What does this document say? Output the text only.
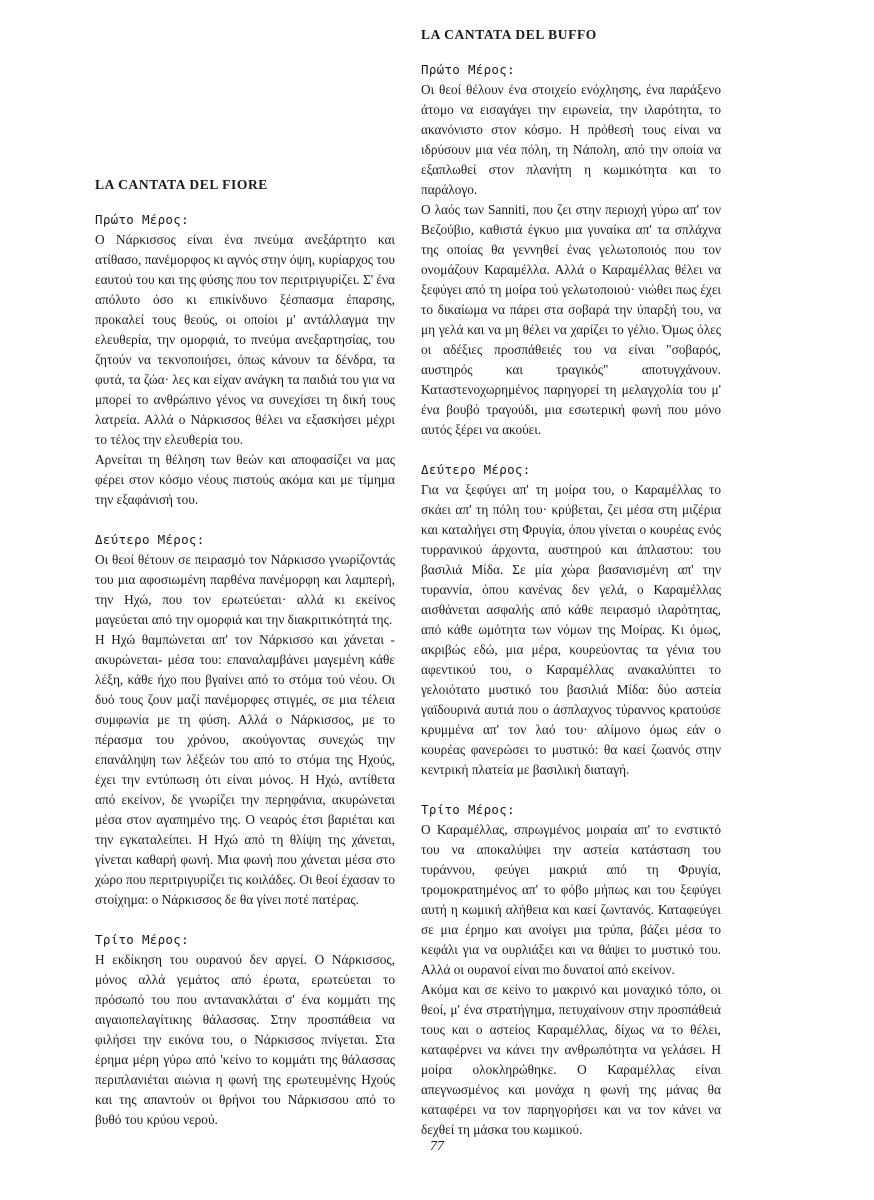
LA CANTATA DEL FIORE

Πρώτο Μέρος:

Ο Νάρκισσος είναι ένα πνεύμα ανεξάρτητο και ατίθασο, πανέμορφος κι αγνός στην όψη, κυρίαρχος του εαυτού του και της φύσης που τον περιτριγυρίζει. Σ' ένα απόλυτο όσο κι επικίνδυνο ξέσπασμα έπαρσης, προκαλεί τους θεούς, οι οποίοι μ' αντάλλαγμα την ελευθερία, την ομορφιά, το πνεύμα ανεξαρτησίας, του ζητούν να τεκνοποιήσει, όπως κάνουν τα δένδρα, τα φυτά, τα ζώα· λες και είχαν ανάγκη τα παιδιά του για να μπορεί το ανθρώπινο γένος να συνεχίσει τη δική τους λατρεία. Αλλά ο Νάρκισσος θέλει να εξασκήσει μέχρι το τέλος την ελευθερία του.

Αρνείται τη θέληση των θεών και αποφασίζει να μας φέρει στον κόσμο νέους πιστούς ακόμα και με τίμημα την εξαφάνισή του.

Δεύτερο Μέρος:

Οι θεοί θέτουν σε πειρασμό τον Νάρκισσο γνωρίζοντάς του μια αφοσιωμένη παρθένα πανέμορφη και λαμπερή, την Ηχώ, που τον ερωτεύεται· αλλά κι εκείνος μαγεύεται από την ομορφιά και την διακριτικότητά της.

Η Ηχώ θαμπώνεται απ' τον Νάρκισσο και χάνεται - ακυρώνεται- μέσα του: επαναλαμβάνει μαγεμένη κάθε λέξη, κάθε ήχο που βγαίνει από το στόμα τού νέου. Οι δυό τους ζουν μαζί πανέμορφες στιγμές, σε μια τέλεια συμφωνία με τη φύση. Αλλά ο Νάρκισσος, με το πέρασμα του χρόνου, ακούγοντας συνεχώς την επανάληψη των λέξεών του από το στόμα της Ηχούς, έχει την εντύπωση ότι είναι μόνος. Η Ηχώ, αντίθετα από εκείνον, δε γνωρίζει την περηφάνια, ακυρώνεται μέσα στον αγαπημένο της. Ο νεαρός έτσι βαριέται και την εγκαταλείπει. Η Ηχώ από τη θλίψη της χάνεται, γίνεται καθαρή φωνή. Μια φωνή που χάνεται μέσα στο χώρο που περιτριγυρίζει τις κοιλάδες. Οι θεοί έχασαν το στοίχημα: ο Νάρκισσος δε θα γίνει ποτέ πατέρας.

Τρίτο Μέρος:

Η εκδίκηση του ουρανού δεν αργεί. Ο Νάρκισσος, μόνος αλλά γεμάτος από έρωτα, ερωτεύεται το πρόσωπό του που αντανακλάται σ' ένα κομμάτι της αιγαιοπελαγίτικης θάλασσας. Στην προσπάθεια να φιλήσει την εικόνα του, ο Νάρκισσος πνίγεται. Στα έρημα μέρη γύρω από 'κείνο το κομμάτι της θάλασσας περιπλανιέται αιώνια η φωνή της ερωτευμένης Ηχούς και της απαντούν οι θρήνοι του Νάρκισσου από το βυθό του κρύου νερού.

LA CANTATA DEL BUFFO

Πρώτο Μέρος:

Οι θεοί θέλουν ένα στοιχείο ενόχλησης, ένα παράξενο άτομο να εισαγάγει την ειρωνεία, την ιλαρότητα, το ακανόνιστο στον κόσμο. Η πρόθεσή τους είναι να ιδρύσουν μια νέα πόλη, τη Νάπολη, από την οποία να εξαπλωθεί στον πλανήτη η κωμικότητα και το παράλογο.

Ο λαός των Sanniti, που ζει στην περιοχή γύρω απ' τον Βεζούβιο, καθιστά έγκυο μια γυναίκα απ' τα σπλάχνα της οποίας θα γεννηθεί ένας γελωτοποιός που τον ονομάζουν Καραμέλλα. Αλλά ο Καραμέλλας θέλει να ξεφύγει από τη μοίρα τού γελωτοποιού· νιώθει πως έχει το δικαίωμα να πάρει στα σοβαρά την ύπαρξή του, να μη γελά και να μη θέλει να χαρίζει το γέλιο. Όμως όλες οι αδέξιες προσπάθειές του να είναι "σοβαρός, αυστηρός και τραγικός" αποτυγχάνουν. Καταστενοχωρημένος παρηγορεί τη μελαγχολία του μ' ένα βουβό τραγούδι, μια εσωτερική φωνή που μόνο αυτός ξέρει να ακούει.

Δεύτερο Μέρος:

Για να ξεφύγει απ' τη μοίρα του, ο Καραμέλλας το σκάει απ' τη πόλη του· κρύβεται, ζει μέσα στη μιζέρια και καταλήγει στη Φρυγία, όπου γίνεται ο κουρέας ενός τυρρανικού άρχοντα, αυστηρού και άπλαστου: του βασιλιά Μίδα. Σε μία χώρα βασανισμένη απ' την τυραννία, όπου κανένας δεν γελά, ο Καραμέλλας αισθάνεται ασφαλής από κάθε πειρασμό ιλαρότητας, από κάθε ωμότητα των νόμων της Μοίρας. Κι όμως, ακριβώς εδώ, μια μέρα, κουρεύοντας τα γένια του αφεντικού του, ο Καραμέλλας ανακαλύπτει το γελοιότατο μυστικό του βασιλιά Μίδα: δύο αστεία γαϊδουρινά αυτιά που ο άσπλαχνος τύραννος κρατούσε κρυμμένα απ' τον λαό του· αλίμονο όμως εάν ο κουρέας φανερώσει το μυστικό: θα καεί ζωανός στην κεντρική πλατεία με βασιλική διαταγή.

Τρίτο Μέρος:

Ο Καραμέλλας, σπρωγμένος μοιραία απ' το ενστικτό του να αποκαλύψει την αστεία κατάσταση του τυράννου, φεύγει μακριά από τη Φρυγία, τρομοκρατημένος απ' το φόβο μήπως και του ξεφύγει αυτή η κωμική αλήθεια και καεί ζωντανός. Καταφεύγει σε μια έρημο και ανοίγει μια τρύπα, βάζει μέσα το κεφάλι για να ουρλιάξει και να θάψει το μυστικό του. Αλλά οι ουρανοί είναι πιο δυνατοί από εκείνον.

Ακόμα και σε κείνο το μακρινό και μοναχικό τόπο, οι θεοί, μ' ένα στρατήγημα, πετυχαίνουν στην προσπάθειά τους και ο αστείος Καραμέλλας, δίχως να το θέλει, καταφέρνει να κάνει την ανθρωπότητα να γελάσει. Η μοίρα ολοκληρώθηκε. Ο Καραμέλλας είναι απεγνωσμένος και μονάχα η φωνή της μάνας θα καταφέρει να τον παρηγορήσει και να τον κάνει να δεχθεί τη μάσκα του κωμικού.

77
